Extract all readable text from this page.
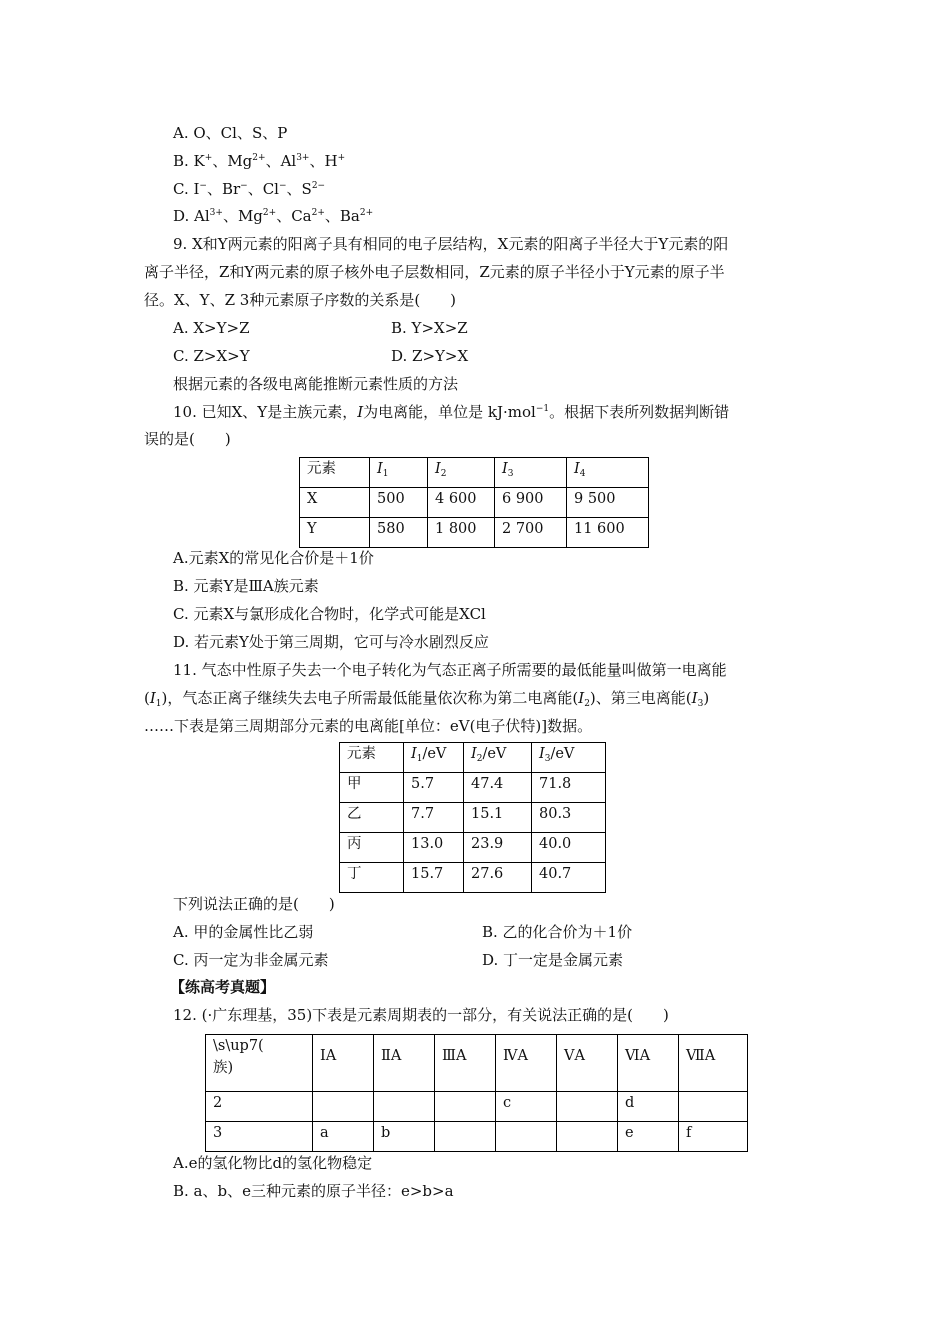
A. O、Cl、S、P
B. K+、$Mg^{2+}$、$Al^{3+}$、H+
C. I−、Br−、Cl−、$S^{2-}$
D. $Al^{3+}$、$Mg^{2+}$、$Ca^{2+}$、$Ba^{2+}$
9. X和Y两元素的阳离子具有相同的电子层结构，X元素的阳离子半径大于Y元素的阳
离子半径，Z和Y两元素的原子核外电子层数相同，Z元素的原子半径小于Y元素的原子半
径。X、Y、Z 3种元素原子序数的关系是(　　)
A. X>Y>Z	B. Y>X>Z
C. Z>X>Y	D. Z>Y>X
根据元素的各级电离能推断元素性质的方法
10. 已知X、Y是主族元素，I为电离能，单位是 kJ·mol$^{-1}$。根据下表所列数据判断错
误的是(　　)
元素	$I_1$	$I_2$	$I_3$	$I_4$
X	500	4 600	6 900	9 500
Y	580	1 800	2 700	11 600
A.元素X的常见化合价是＋1价
B. 元素Y是ⅢA族元素
C. 元素X与氯形成化合物时，化学式可能是XCl
D. 若元素Y处于第三周期，它可与冷水剧烈反应
11. 气态中性原子失去一个电子转化为气态正离子所需要的最低能量叫做第一电离能
$(I_1)$，气态正离子继续失去电子所需最低能量依次称为第二电离能$(I_2)$、第三电离能$(I_3)$
……下表是第三周期部分元素的电离能[单位：eV(电子伏特)]数据。
元素	$I_1/eV$	$I_2/eV$	$I_3/eV$
甲	5.7	47.4	71.8
乙	7.7	15.1	80.3
丙	13.0	23.9	40.0
丁	15.7	27.6	40.7
下列说法正确的是(　　)
A. 甲的金属性比乙弱	B. 乙的化合价为＋1价
C. 丙一定为非金属元素	D. 丁一定是金属元素
【练高考真题】
12. (·广东理基，35)下表是元素周期表的一部分，有关说法正确的是(　　)
\s\up7(
族)	ⅠA	ⅡA	ⅢA	ⅣA	ⅤA	ⅥA	ⅦA
2				c		d	
3	a	b				e	f
A.e的氢化物比d的氢化物稳定
B. a、b、e三种元素的原子半径：e>b>a
